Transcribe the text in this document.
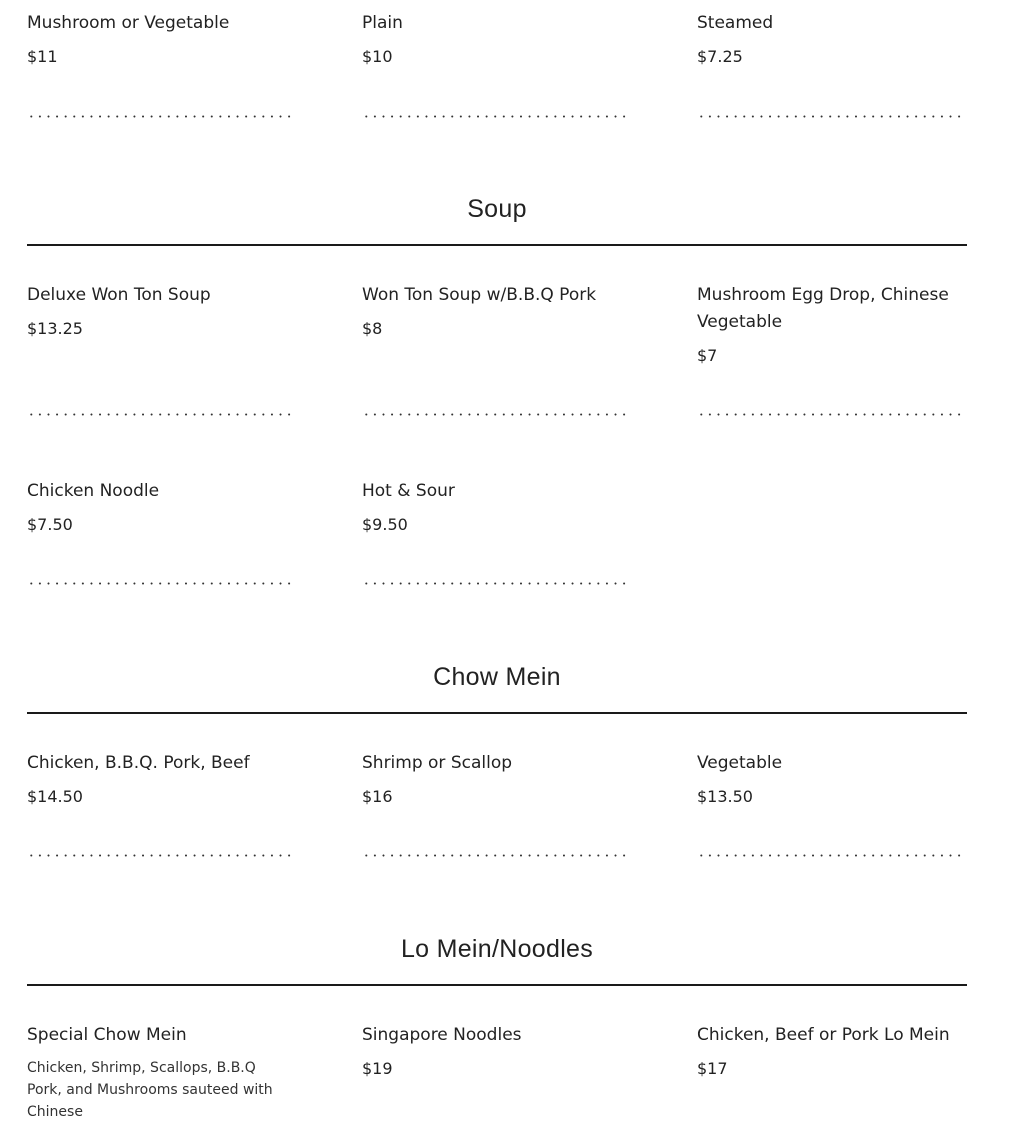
Mushroom or Vegetable
$11
Plain
$10
Steamed
$7.25
Soup
Deluxe Won Ton Soup
$13.25
Won Ton Soup w/B.B.Q Pork
$8
Mushroom Egg Drop, Chinese Vegetable
$7
Chicken Noodle
$7.50
Hot & Sour
$9.50
Chow Mein
Chicken, B.B.Q. Pork, Beef
$14.50
Shrimp or Scallop
$16
Vegetable
$13.50
Lo Mein/Noodles
Special Chow Mein
Chicken, Shrimp, Scallops, B.B.Q Pork, and Mushrooms sauteed with Chinese
Singapore Noodles
$19
Chicken, Beef or Pork Lo Mein
$17
